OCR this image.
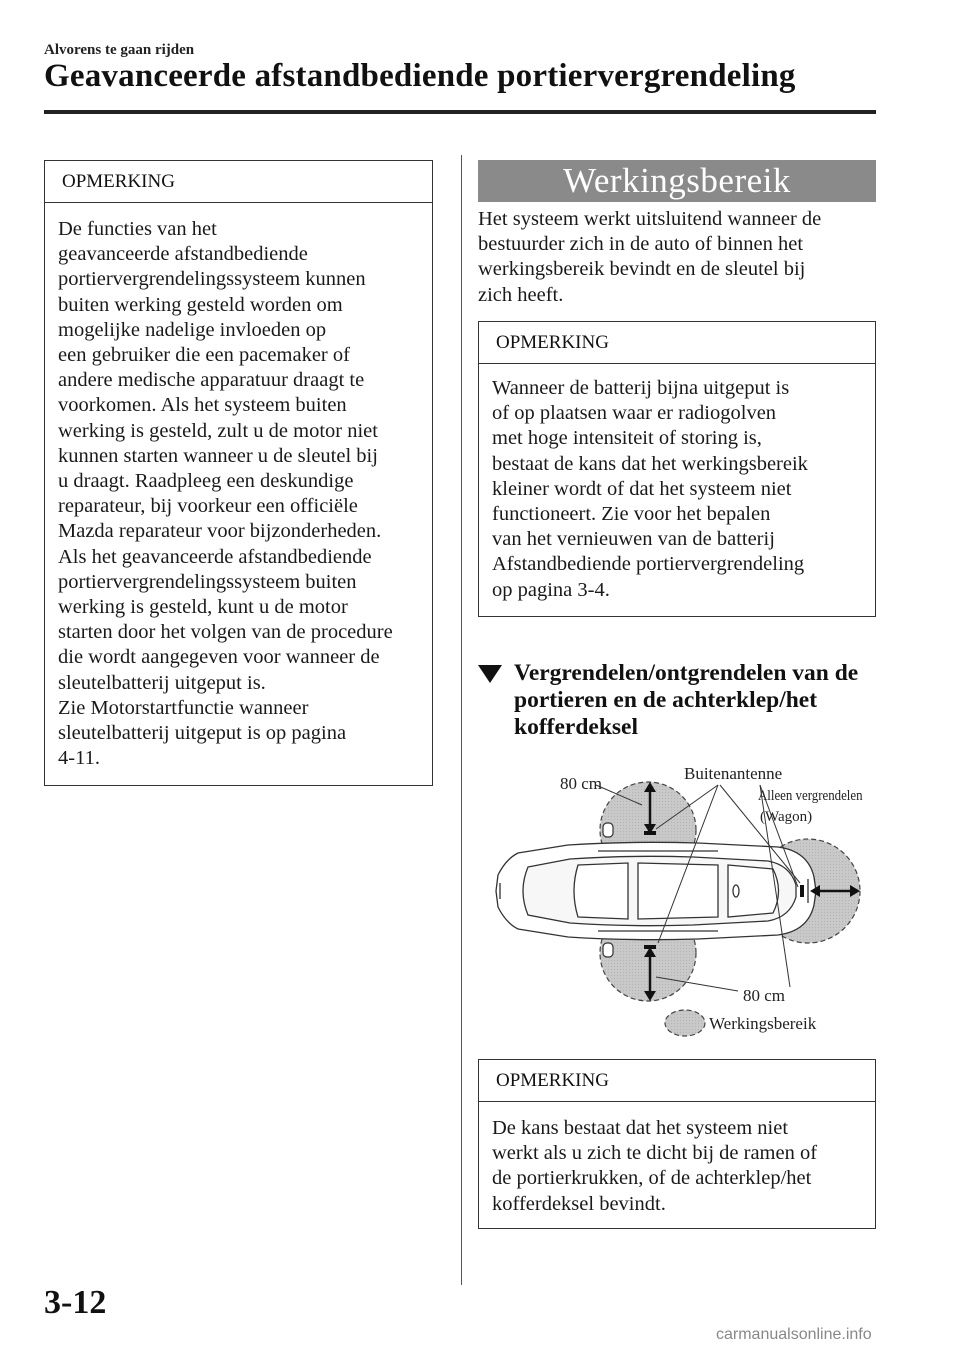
Alvorens te gaan rijden
Geavanceerde afstandbediende portiervergrendeling
OPMERKING
De functies van het
geavanceerde afstandbediende
portiervergrendelingssysteem kunnen
buiten werking gesteld worden om
mogelijke nadelige invloeden op
een gebruiker die een pacemaker of
andere medische apparatuur draagt te
voorkomen. Als het systeem buiten
werking is gesteld, zult u de motor niet
kunnen starten wanneer u de sleutel bij
u draagt. Raadpleeg een deskundige
reparateur, bij voorkeur een officiële
Mazda reparateur voor bijzonderheden.
Als het geavanceerde afstandbediende
portiervergrendelingssysteem buiten
werking is gesteld, kunt u de motor
starten door het volgen van de procedure
die wordt aangegeven voor wanneer de
sleutelbatterij uitgeput is.
Zie Motorstartfunctie wanneer
sleutelbatterij uitgeput is op pagina
4-11.
Werkingsbereik
Het systeem werkt uitsluitend wanneer de
bestuurder zich in de auto of binnen het
werkingsbereik bevindt en de sleutel bij
zich heeft.
OPMERKING
Wanneer de batterij bijna uitgeput is
of op plaatsen waar er radiogolven
met hoge intensiteit of storing is,
bestaat de kans dat het werkingsbereik
kleiner wordt of dat het systeem niet
functioneert. Zie voor het bepalen
van het vernieuwen van de batterij
Afstandbediende portiervergrendeling
op pagina 3-4.
Vergrendelen/ontgrendelen van de
portieren en de achterklep/het
kofferdeksel
80 cm
Buitenantenne
Alleen vergrendelen
(Wagon)
80 cm
Werkingsbereik
OPMERKING
De kans bestaat dat het systeem niet
werkt als u zich te dicht bij de ramen of
de portierkrukken, of de achterklep/het
kofferdeksel bevindt.
3-12
carmanualsonline.info
